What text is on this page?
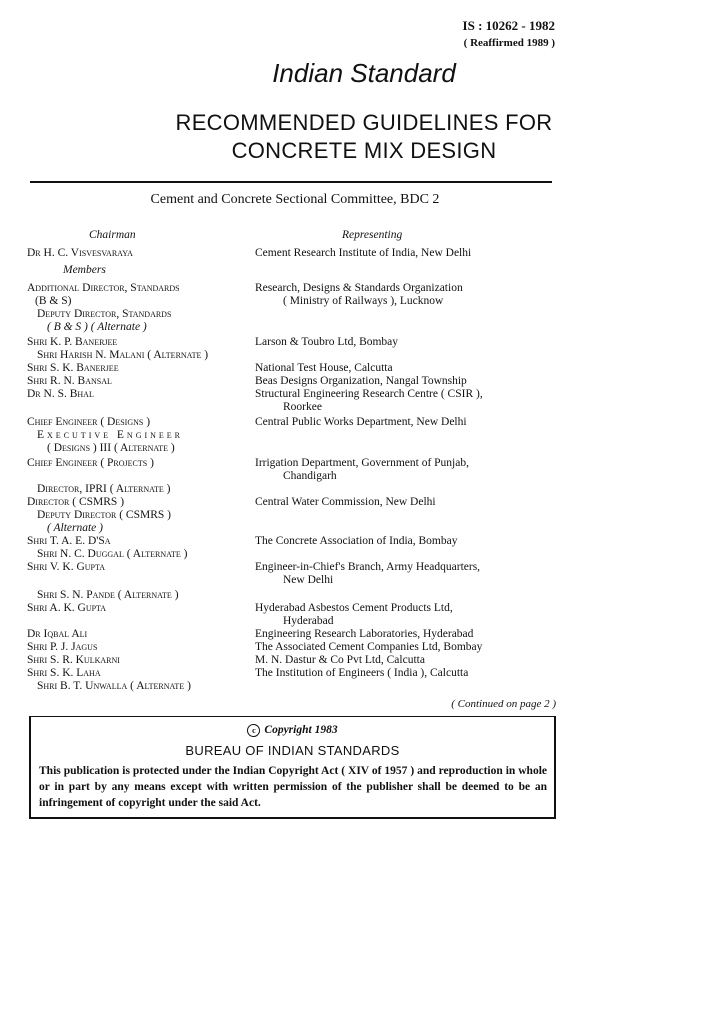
IS : 10262 - 1982
( Reaffirmed 1989 )
Indian Standard
RECOMMENDED GUIDELINES FOR
CONCRETE MIX DESIGN
Cement and Concrete Sectional Committee, BDC 2
Chairman	Representing
Dr H. C. Visvesvaraya	Cement Research Institute of India, New Delhi
Members
Additional Director, Standards	Research, Designs & Standards Organization
(B & S)	( Ministry of Railways ), Lucknow
Deputy Director, Standards
( B & S ) ( Alternate )
Shri K. P. Banerjee	Larson & Toubro Ltd, Bombay
Shri Harish N. Malani ( Alternate )
Shri S. K. Banerjee	National Test House, Calcutta
Shri R. N. Bansal	Beas Designs Organization, Nangal Township
Dr N. S. Bhal	Structural Engineering Research Centre ( CSIR ),
Roorkee
Chief Engineer ( Designs )	Central Public Works Department, New Delhi
Executive Engineer
( Designs ) III ( Alternate )
Chief Engineer ( Projects )	Irrigation Department, Government of Punjab,
Chandigarh
Director, IPRI ( Alternate )
Director ( CSMRS )	Central Water Commission, New Delhi
Deputy Director ( CSMRS )
( Alternate )
Shri T. A. E. D'Sa	The Concrete Association of India, Bombay
Shri N. C. Duggal ( Alternate )
Shri V. K. Gupta	Engineer-in-Chief's Branch, Army Headquarters,
New Delhi
Shri S. N. Pande ( Alternate )
Shri A. K. Gupta	Hyderabad Asbestos Cement Products Ltd,
Hyderabad
Dr Iqbal Ali	Engineering Research Laboratories, Hyderabad
Shri P. J. Jagus	The Associated Cement Companies Ltd, Bombay
Shri S. R. Kulkarni	M. N. Dastur & Co Pvt Ltd, Calcutta
Shri S. K. Laha	The Institution of Engineers ( India ), Calcutta
Shri B. T. Unwalla ( Alternate )
( Continued on page 2 )
c Copyright 1983
BUREAU OF INDIAN STANDARDS
This publication is protected under the Indian Copyright Act ( XIV of 1957 ) and reproduction in whole or in part by any means except with written permission of the publisher shall be deemed to be an infringement of copyright under the said Act.
